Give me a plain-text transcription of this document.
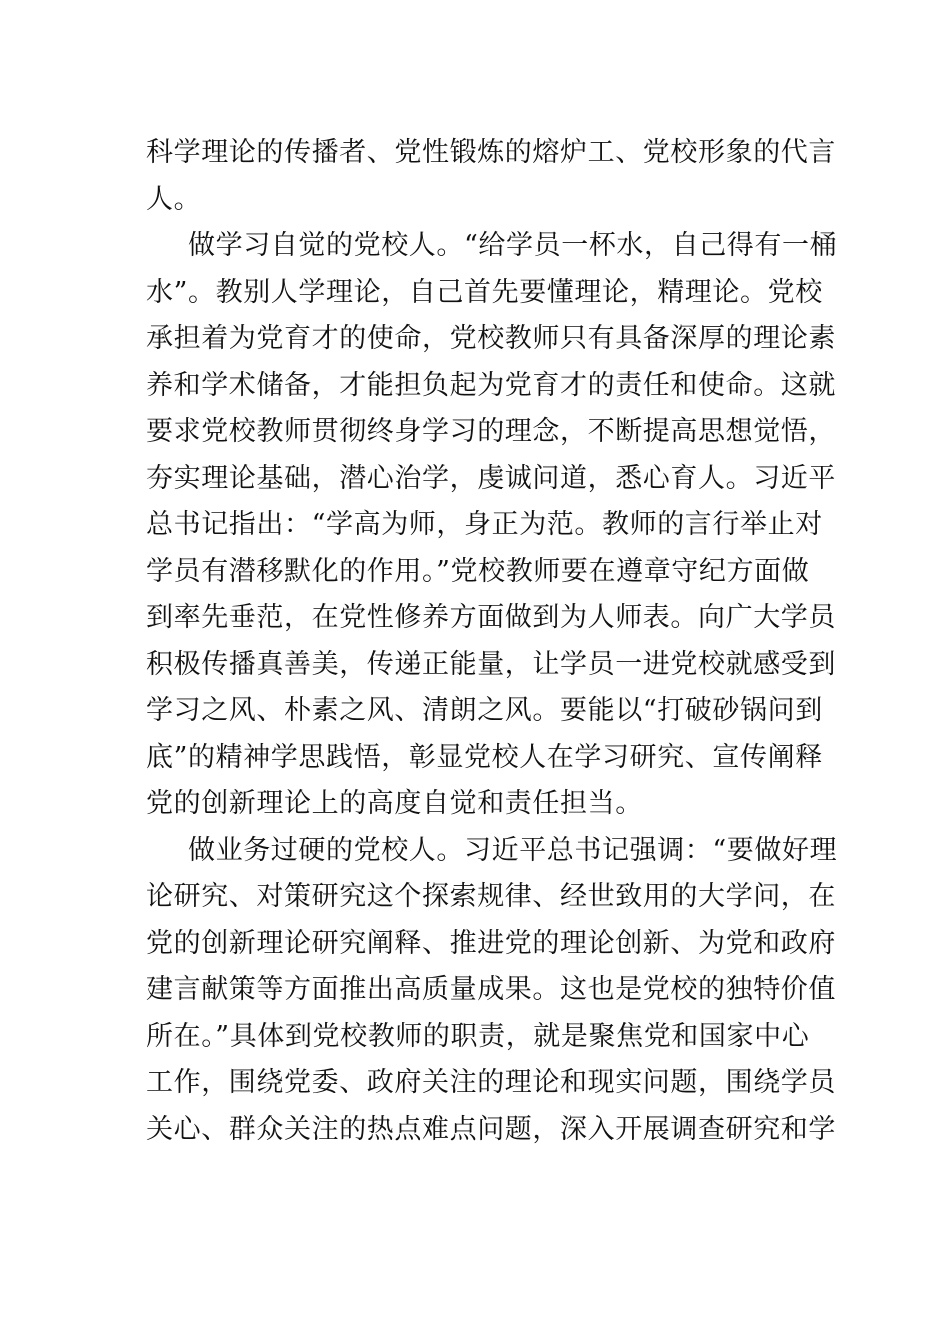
科学理论的传播者、党性锻炼的熔炉工、党校形象的代言
人。
做学习自觉的党校人。“给学员一杯水，自己得有一桶
水”。教别人学理论，自己首先要懂理论，精理论。党校
承担着为党育才的使命，党校教师只有具备深厚的理论素
养和学术储备，才能担负起为党育才的责任和使命。这就
要求党校教师贯彻终身学习的理念，不断提高思想觉悟，
夯实理论基础，潜心治学，虔诚问道，悉心育人。习近平
总书记指出：“学高为师，身正为范。教师的言行举止对
学员有潜移默化的作用。”党校教师要在遵章守纪方面做
到率先垂范，在党性修养方面做到为人师表。向广大学员
积极传播真善美，传递正能量，让学员一进党校就感受到
学习之风、朴素之风、清朗之风。要能以“打破砂锅问到
底”的精神学思践悟，彰显党校人在学习研究、宣传阐释
党的创新理论上的高度自觉和责任担当。
做业务过硬的党校人。习近平总书记强调：“要做好理
论研究、对策研究这个探索规律、经世致用的大学问，在
党的创新理论研究阐释、推进党的理论创新、为党和政府
建言献策等方面推出高质量成果。这也是党校的独特价值
所在。”具体到党校教师的职责，就是聚焦党和国家中心
工作，围绕党委、政府关注的理论和现实问题，围绕学员
关心、群众关注的热点难点问题，深入开展调查研究和学
